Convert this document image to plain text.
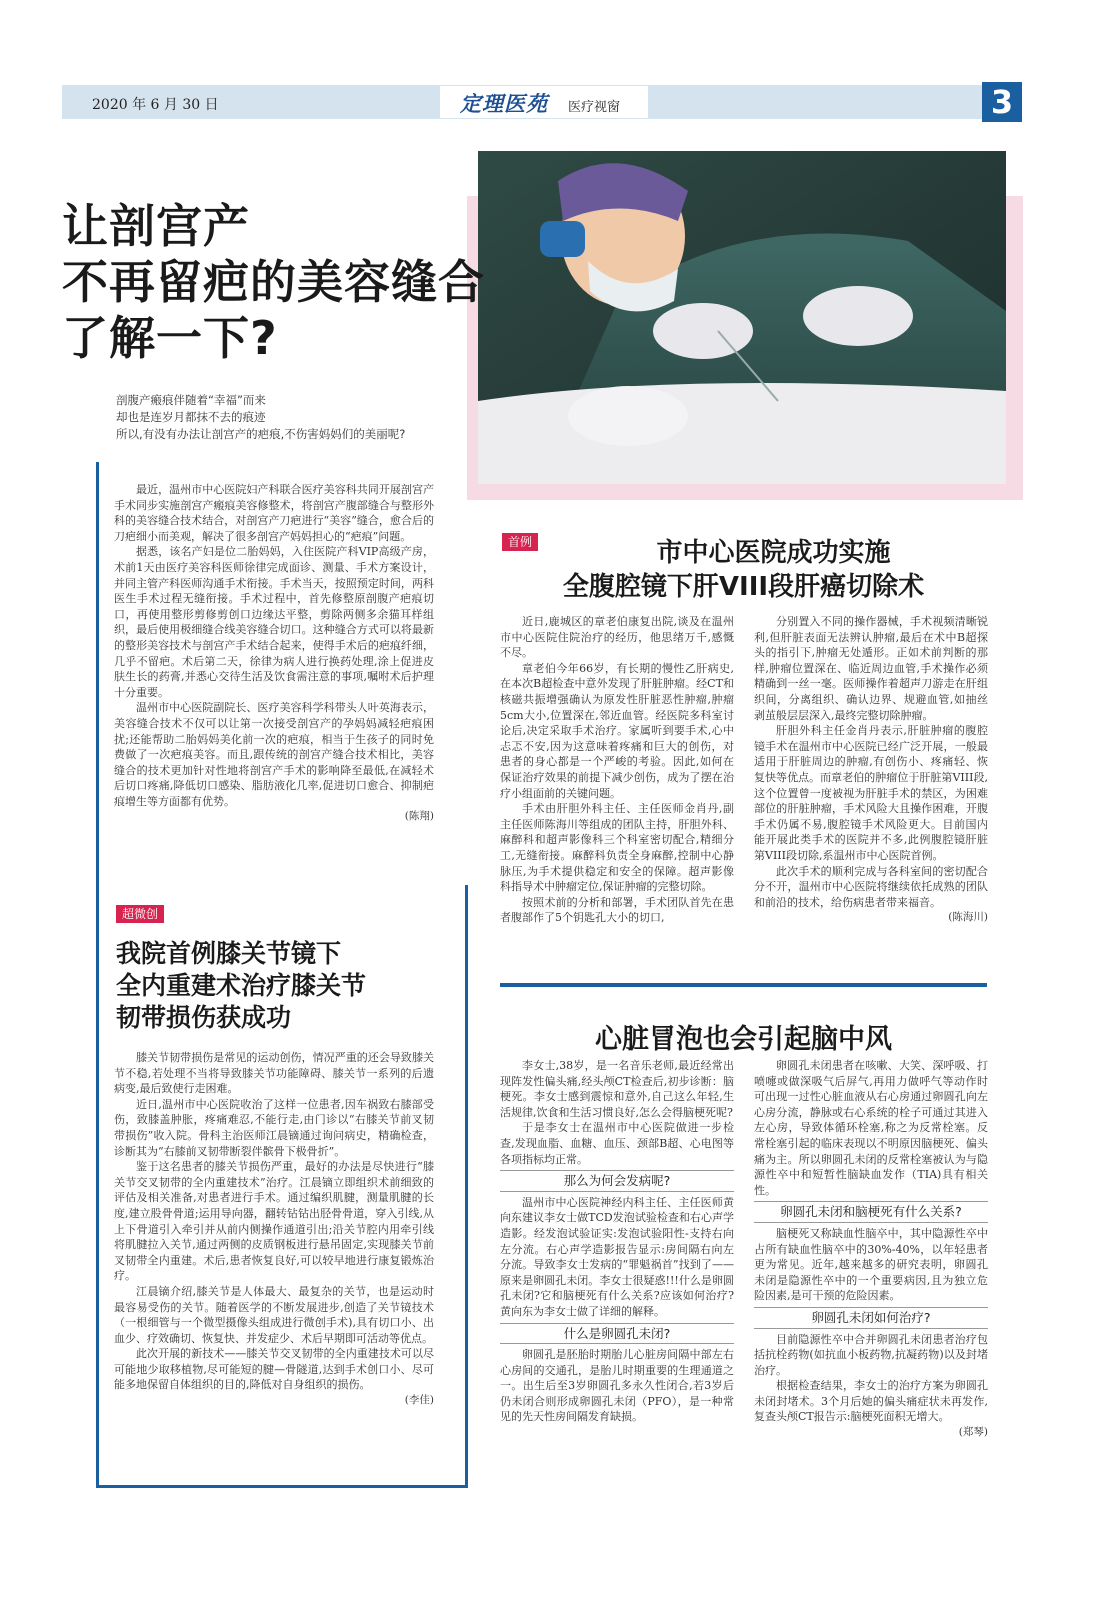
2020 年 6 月 30 日	定理医苑 医疗视窗	3
让剖宫产
不再留疤的美容缝合
了解一下?
剖腹产瘢痕伴随着“幸福”而来
却也是连岁月都抹不去的痕迹
所以,有没有办法让剖宫产的疤痕,不伤害妈妈们的美丽呢?

最近，温州市中心医院妇产科联合医疗美容科共同开展剖宫产手术同步实施剖宫产瘢痕美容修整术，将剖宫产腹部缝合与整形外科的美容缝合技术结合，对剖宫产刀疤进行“美容”缝合，愈合后的刀疤细小而美观，解决了很多剖宫产妈妈担心的“疤痕”问题。

据悉，该名产妇是位二胎妈妈，入住医院产科VIP高级产房，术前1天由医疗美容科医师徐律完成面诊、测量、手术方案设计，并同主管产科医师沟通手术衔接。手术当天，按照预定时间，两科医生手术过程无缝衔接。手术过程中，首先修整原剖腹产疤痕切口，再使用整形剪修剪创口边缘达平整，剪除两侧多余猫耳样组织，最后使用极细缝合线美容缝合切口。这种缝合方式可以将最新的整形美容技术与剖宫产手术结合起来，使得手术后的疤痕纤细，几乎不留疤。术后第二天，徐律为病人进行换药处理,涂上促进皮肤生长的药膏,并悉心交待生活及饮食需注意的事项,嘱咐术后护理十分重要。

温州市中心医院副院长、医疗美容科学科带头人叶英海表示，美容缝合技术不仅可以让第一次接受剖宫产的孕妈妈减轻疤痕困扰;还能帮助二胎妈妈美化前一次的疤痕，相当于生孩子的同时免费做了一次疤痕美容。而且,跟传统的剖宫产缝合技术相比，美容缝合的技术更加针对性地将剖宫产手术的影响降至最低,在减轻术后切口疼痛,降低切口感染、脂肪液化几率,促进切口愈合、抑制疤痕增生等方面都有优势。

(陈翔)
超微创
我院首例膝关节镜下
全内重建术治疗膝关节
韧带损伤获成功

膝关节韧带损伤是常见的运动创伤，情况严重的还会导致膝关节不稳,若处理不当将导致膝关节功能障碍、膝关节一系列的后遗病变,最后致使行走困难。

近日,温州市中心医院收治了这样一位患者,因车祸致右膝部受伤，致膝盖肿胀，疼痛难忍,不能行走,由门诊以“右膝关节前叉韧带损伤”收入院。骨科主治医师江晨镝通过询问病史，精确检查，诊断其为“右膝前叉韧带断裂伴髌骨下极骨折”。

鉴于这名患者的膝关节损伤严重，最好的办法是尽快进行“膝关节交叉韧带的全内重建技术”治疗。江晨镝立即组织术前细致的评估及相关准备,对患者进行手术。通过编织肌腱，测量肌腱的长度,建立股骨骨道;运用导向器，翻转钻钻出胫骨骨道，穿入引线,从上下骨道引入牵引并从前内侧操作通道引出;沿关节腔内用牵引线将肌腱拉入关节,通过两侧的皮质钢板进行悬吊固定,实现膝关节前叉韧带全内重建。术后,患者恢复良好,可以较早地进行康复锻炼治疗。

江晨镝介绍,膝关节是人体最大、最复杂的关节，也是运动时最容易受伤的关节。随着医学的不断发展进步,创造了关节镜技术（一根细管与一个微型摄像头组成进行微创手术),具有切口小、出血少、疗效确切、恢复快、并发症少、术后早期即可活动等优点。

此次开展的新技术——膝关节交叉韧带的全内重建技术可以尽可能地少取移植物,尽可能短的腱—骨隧道,达到手术创口小、尽可能多地保留自体组织的目的,降低对自身组织的损伤。

(李佳)
首例	市中心医院成功实施
全腹腔镜下肝VIII段肝癌切除术

近日,鹿城区的章老伯康复出院,谈及在温州市中心医院住院治疗的经历，他思绪万千,感慨不尽。

章老伯今年66岁，有长期的慢性乙肝病史,在本次B超检查中意外发现了肝脏肿瘤。经CT和核磁共振增强确认为原发性肝脏恶性肿瘤,肿瘤5cm大小,位置深在,邻近血管。经医院多科室讨论后,决定采取手术治疗。家属听到要手术,心中忐忑不安,因为这意味着疼痛和巨大的创伤，对患者的身心都是一个严峻的考验。因此,如何在保证治疗效果的前提下减少创伤，成为了摆在治疗小组面前的关键问题。

手术由肝胆外科主任、主任医师金肖丹,副主任医师陈海川等组成的团队主持，肝胆外科、麻醉科和超声影像科三个科室密切配合,精细分工,无缝衔接。麻醉科负责全身麻醉,控制中心静脉压,为手术提供稳定和安全的保障。超声影像科指导术中肿瘤定位,保证肿瘤的完整切除。

按照术前的分析和部署，手术团队首先在患者腹部作了5个钥匙孔大小的切口,

分别置入不同的操作器械，手术视频清晰锐利,但肝脏表面无法辨认肿瘤,最后在术中B超探头的指引下,肿瘤无处遁形。正如术前判断的那样,肿瘤位置深在、临近周边血管,手术操作必须精确到一丝一毫。医师操作着超声刀游走在肝组织间，分离组织、确认边界、规避血管,如抽丝剥茧般层层深入,最终完整切除肿瘤。

肝胆外科主任金肖丹表示,肝脏肿瘤的腹腔镜手术在温州市中心医院已经广泛开展，一般最适用于肝脏周边的肿瘤,有创伤小、疼痛轻、恢复快等优点。而章老伯的肿瘤位于肝脏第VIII段,这个位置曾一度被视为肝脏手术的禁区，为困难部位的肝脏肿瘤，手术风险大且操作困难，开腹手术仍属不易,腹腔镜手术风险更大。目前国内能开展此类手术的医院并不多,此例腹腔镜肝脏第VIII段切除,系温州市中心医院首例。

此次手术的顺利完成与各科室间的密切配合分不开，温州市中心医院将继续依托成熟的团队和前沿的技术，给伤病患者带来福音。

(陈海川)
心脏冒泡也会引起脑中风

李女士,38岁，是一名音乐老师,最近经常出现阵发性偏头痛,经头颅CT检查后,初步诊断：脑梗死。李女士感到震惊和意外,自己这么年轻,生活规律,饮食和生活习惯良好,怎么会得脑梗死呢?

于是李女士在温州市中心医院做进一步检查,发现血脂、血糖、血压、颈部B超、心电图等各项指标均正常。

那么为何会发病呢?

温州市中心医院神经内科主任、主任医师黄向东建议李女士做TCD发泡试验检查和右心声学造影。经发泡试验证实:发泡试验阳性-支持右向左分流。右心声学造影报告显示:房间隔右向左分流。导致李女士发病的“罪魁祸首”找到了——原来是卵圆孔未闭。李女士很疑惑!!!什么是卵圆孔未闭?它和脑梗死有什么关系?应该如何治疗?黄向东为李女士做了详细的解释。

什么是卵圆孔未闭?

卵圆孔是胚胎时期胎儿心脏房间隔中部左右心房间的交通孔，是胎儿时期重要的生理通道之一。出生后至3岁卵圆孔多永久性闭合,若3岁后仍未闭合则形成卵圆孔未闭（PFO），是一种常见的先天性房间隔发育缺损。

卵圆孔未闭患者在咳嗽、大笑、深呼吸、打喷嚏或做深吸气后屏气,再用力做呼气等动作时可出现一过性心脏血液从右心房通过卵圆孔向左心房分流，静脉或右心系统的栓子可通过其进入左心房，导致体循环栓塞,称之为反常栓塞。反常栓塞引起的临床表现以不明原因脑梗死、偏头痛为主。所以卵圆孔未闭的反常栓塞被认为与隐源性卒中和短暂性脑缺血发作（TIA)具有相关性。

卵圆孔未闭和脑梗死有什么关系?

脑梗死又称缺血性脑卒中，其中隐源性卒中占所有缺血性脑卒中的30%-40%，以年轻患者更为常见。近年,越来越多的研究表明，卵圆孔未闭是隐源性卒中的一个重要病因,且为独立危险因素,是可干预的危险因素。

卵圆孔未闭如何治疗?

目前隐源性卒中合并卵圆孔未闭患者治疗包括抗栓药物(如抗血小板药物,抗凝药物)以及封堵治疗。

根据检查结果，李女士的治疗方案为卵圆孔未闭封堵术。3个月后她的偏头痛症状未再发作,复查头颅CT报告示:脑梗死面积无增大。

(郑琴)
